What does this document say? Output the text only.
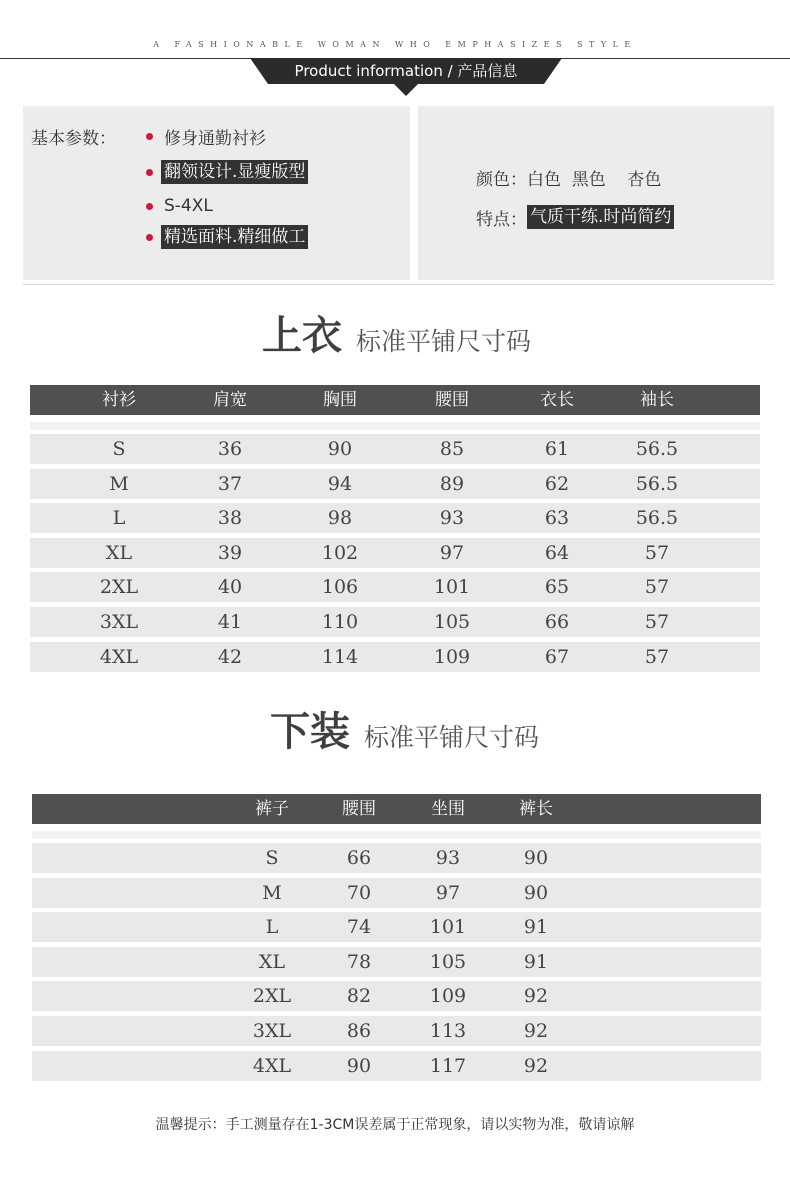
A FASHIONABLE WOMAN WHO EMPHASIZES STYLE
Product information / 产品信息
基本参数：	修身通勤衬衫
翻领设计.显瘦版型
S-4XL
精选面料.精细做工
颜色： 白色  黑色    杏色
特点： 气质干练.时尚简约
上衣 标准平铺尺寸码
衬衫	肩宽	胸围	腰围	衣长	袖长
S	36	90	85	61	56.5
M	37	94	89	62	56.5
L	38	98	93	63	56.5
XL	39	102	97	64	57
2XL	40	106	101	65	57
3XL	41	110	105	66	57
4XL	42	114	109	67	57
下装 标准平铺尺寸码
裤子	腰围	坐围	裤长
S	66	93	90
M	70	97	90
L	74	101	91
XL	78	105	91
2XL	82	109	92
3XL	86	113	92
4XL	90	117	92
温馨提示：手工测量存在1-3CM误差属于正常现象，请以实物为准，敬请谅解
